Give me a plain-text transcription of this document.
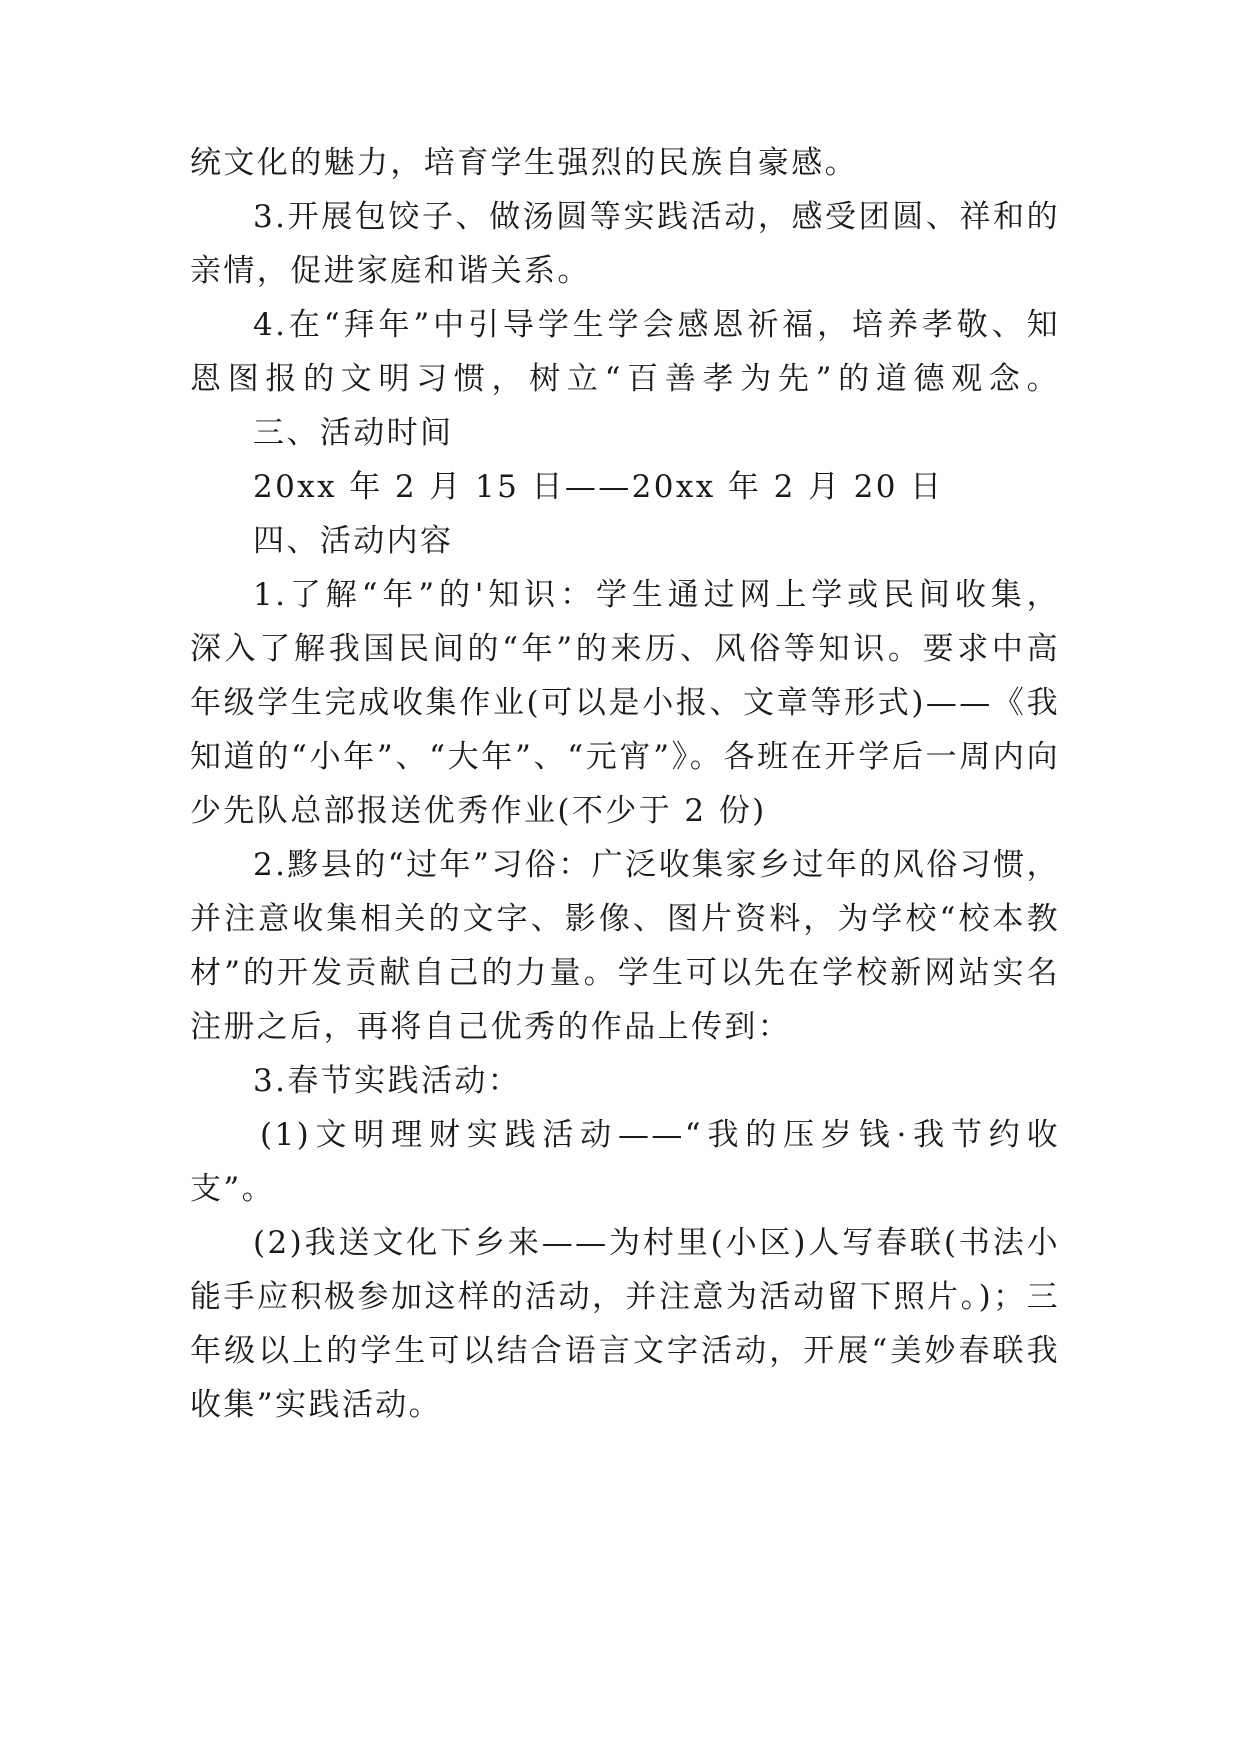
统文化的魅力，培育学生强烈的民族自豪感。
3.开展包饺子、做汤圆等实践活动，感受团圆、祥和的
亲情，促进家庭和谐关系。
4.在“拜年”中引导学生学会感恩祈福，培养孝敬、知
恩图报的文明习惯，树立“百善孝为先”的道德观念。
三、活动时间
20xx 年 2 月 15 日——20xx 年 2 月 20 日
四、活动内容
1.了解“年”的'知识：学生通过网上学或民间收集，
深入了解我国民间的“年”的来历、风俗等知识。要求中高
年级学生完成收集作业(可以是小报、文章等形式)——《我
知道的“小年”、“大年”、“元宵”》。各班在开学后一周内向
少先队总部报送优秀作业(不少于 2 份)
2.黟县的“过年”习俗：广泛收集家乡过年的风俗习惯，
并注意收集相关的文字、影像、图片资料，为学校“校本教
材”的开发贡献自己的力量。学生可以先在学校新网站实名
注册之后，再将自己优秀的作品上传到：
3.春节实践活动：
(1)文明理财实践活动——“我的压岁钱·我节约收
支”。
(2)我送文化下乡来——为村里(小区)人写春联(书法小
能手应积极参加这样的活动，并注意为活动留下照片。)；三
年级以上的学生可以结合语言文字活动，开展“美妙春联我
收集”实践活动。
